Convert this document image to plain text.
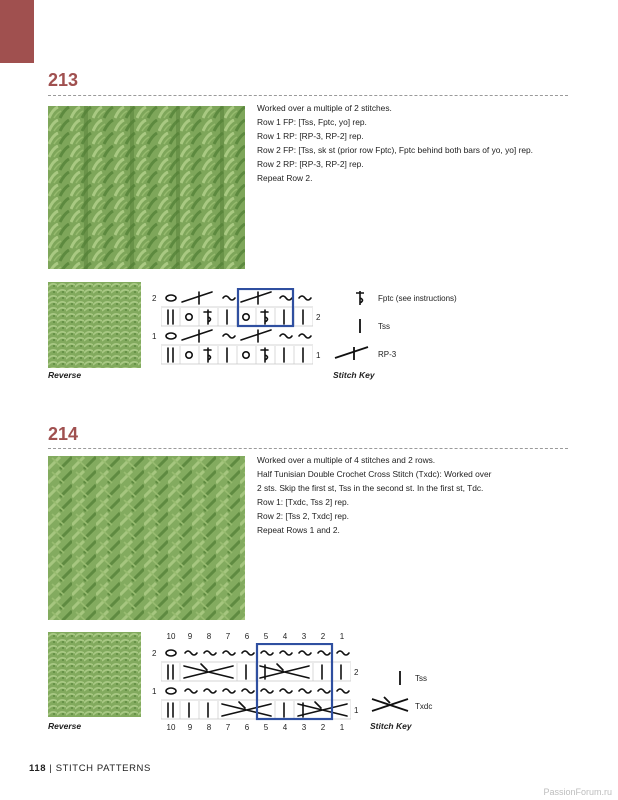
213

Worked over a multiple of 2 stitches.

Row 1 FP: [Tss, Fptc, yo] rep.

Row 1 RP: [RP-3, RP-2] rep.

Row 2 FP: [Tss, sk st (prior row Fptc), Fptc behind both bars of yo, yo] rep.

Row 2 RP: [RP-3, RP-2] rep.

Repeat Row 2.

Reverse
2
2
1
1
Fptc (see instructions)
Tss
RP-3
Stitch Key
214

Worked over a multiple of 4 stitches and 2 rows.

Half Tunisian Double Crochet Cross Stitch (Txdc): Worked over

2 sts. Skip the first st, Tss in the second st. In the first st, Tdc.

Row 1: [Txdc, Tss 2] rep.

Row 2: [Tss 2, Txdc] rep.

Repeat Rows 1 and 2.

Reverse
10	9	8	7	6	5	4	3	2	1
10	9	8	7	6	5	4	3	2	1
2
2
1
1
Tss
Txdc
Stitch Key
118 | STITCH PATTERNS
PassionForum.ru
